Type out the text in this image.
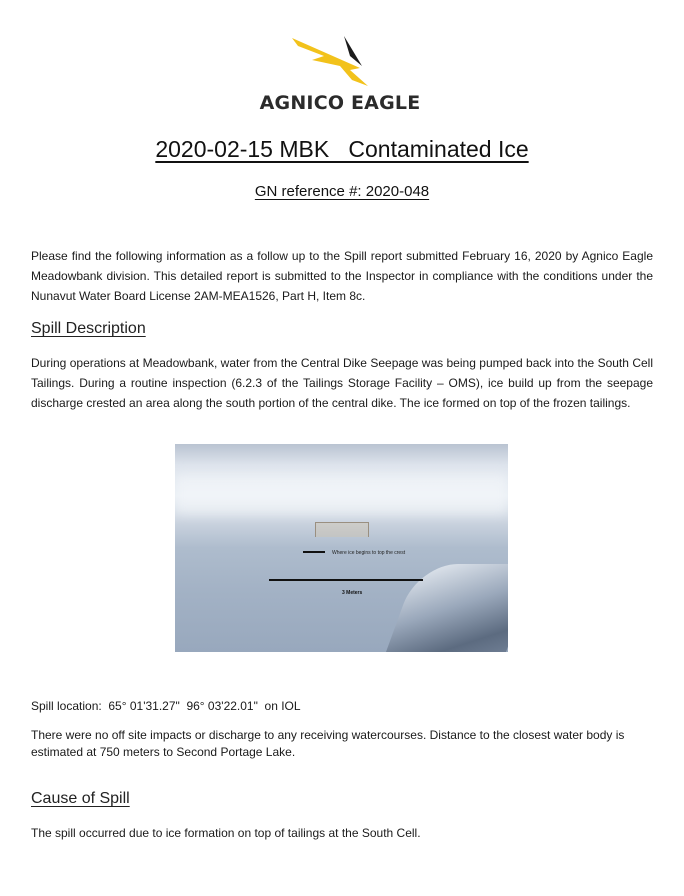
AGNICO EAGLE
2020-02-15 MBK   Contaminated Ice
GN reference #: 2020-048
Please find the following information as a follow up to the Spill report submitted February 16, 2020 by Agnico Eagle Meadowbank division. This detailed report is submitted to the Inspector in compliance with the conditions under the Nunavut Water Board License 2AM-MEA1526, Part H, Item 8c.
Spill Description
During operations at Meadowbank, water from the Central Dike Seepage was being pumped back into the South Cell Tailings. During a routine inspection (6.2.3 of the Tailings Storage Facility – OMS), ice build up from the seepage discharge crested an area along the south portion of the central dike. The ice formed on top of the frozen tailings.
Where ice begins to top the crest
3 Meters
Spill location:  65° 01'31.27"  96° 03'22.01"  on IOL
There were no off site impacts or discharge to any receiving watercourses. Distance to the closest water body is estimated at 750 meters to Second Portage Lake.
Cause of Spill
The spill occurred due to ice formation on top of tailings at the South Cell.
